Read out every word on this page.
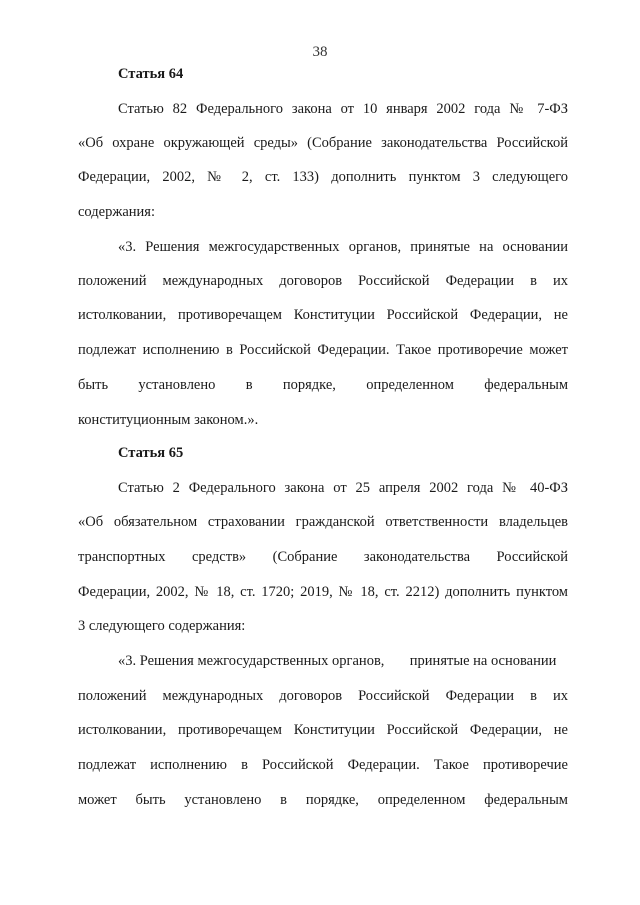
38
Статья 64
Статью 82 Федерального закона от 10 января 2002 года № 7-ФЗ
«Об охране окружающей среды» (Собрание законодательства Российской
Федерации, 2002, № 2, ст. 133) дополнить пунктом 3 следующего
содержания:
«3. Решения межгосударственных органов, принятые на основании
положений международных договоров Российской Федерации в их
истолковании, противоречащем Конституции Российской Федерации, не
подлежат исполнению в Российской Федерации. Такое противоречие может
быть установлено в порядке, определенном федеральным
конституционным законом.».
Статья 65
Статью 2 Федерального закона от 25 апреля 2002 года № 40-ФЗ
«Об обязательном страховании гражданской ответственности владельцев
транспортных средств» (Собрание законодательства Российской
Федерации, 2002, № 18, ст. 1720; 2019, № 18, ст. 2212) дополнить пунктом
3 следующего содержания:
«3. Решения межгосударственных органов,       принятые на основании
положений международных договоров Российской Федерации в их
истолковании, противоречащем Конституции Российской Федерации, не
подлежат исполнению в Российской Федерации. Такое противоречие
может быть установлено в порядке, определенном федеральным
